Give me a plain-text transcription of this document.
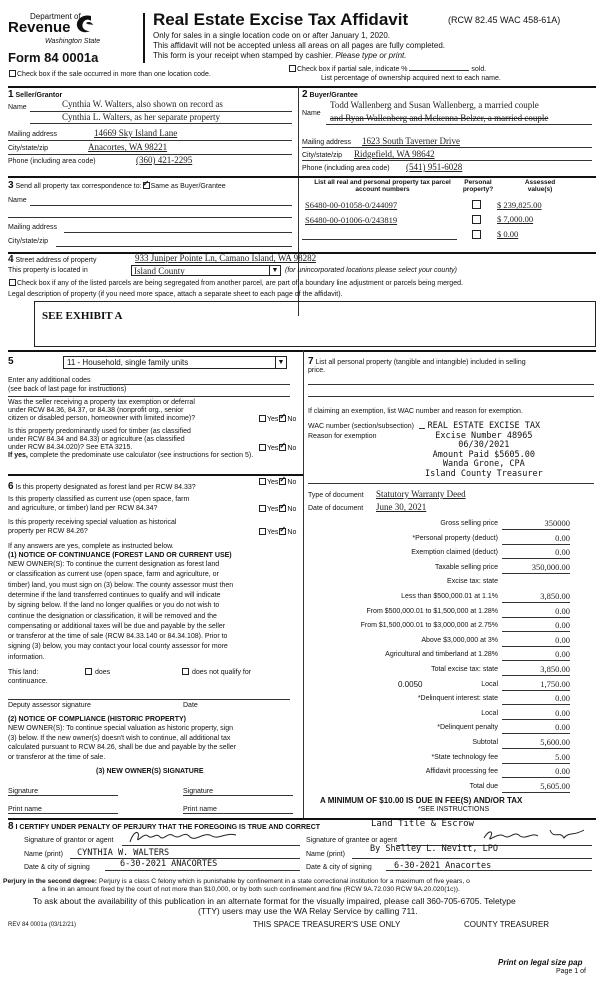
Department of
Revenue
Washington State
Form 84 0001a
Real Estate Excise Tax Affidavit	(RCW 82.45 WAC 458-61A)
Only for sales in a single location code on or after January 1, 2020.
This affidavit will not be accepted unless all areas on all pages are fully completed.
This form is your receipt when stamped by cashier. Please type or print.
Check box if the sale occurred in more than one location code.
Check box if partial sale, indicate %	sold.
List percentage of ownership acquired next to each name.
1 Seller/Grantor
Name	Cynthia W. Walters, also shown on record as
Cynthia L. Walters, as her separate property
Mailing address	14669 Sky Island Lane
City/state/zip	Anacortes, WA 98221
Phone (including area code)	(360) 421-2295
2 Buyer/Grantee
Name
Todd Wallenberg and Susan Wallenberg, a married couple
and Ryan Wallenberg and Mckenna Belzer, a married couple
Mailing address 1623 South Taverner Drive
City/state/zip Ridgefield, WA 98642
Phone (including area code) (541) 951-6028
3 Send all property tax correspondence to: ✓ Same as Buyer/Grantee
Name
Mailing address
City/state/zip
List all real and personal property tax parcel account numbers
Personal property?
Assessed value(s)
S6480-00-01058-0/244097	$ 239,825.00
S6480-00-01006-0/243819	$ 7,000.00
$ 0.00
4 Street address of property	933 Juniper Pointe Ln, Camano Island, WA 98282
This property is located in	Island County	▼ (for unincorporated locations please select your county)
Check box if any of the listed parcels are being segregated from another parcel, are part of a boundary line adjustment or parcels being merged.
Legal description of property (if you need more space, attach a separate sheet to each page of the affidavit).
SEE EXHIBIT A
5	11 - Household, single family units	▼
Enter any additional codes
(see back of last page for instructions)
Was the seller receiving a property tax exemption or deferral
under RCW 84.36, 84.37, or 84.38 (nonprofit org., senior
citizen or disabled person, homeowner with limited income)?	Yes ✓ No
Is this property predominantly used for timber (as classified
under RCW 84.34 and 84.33) or agriculture (as classified
under RCW 84.34.020)? See ETA 3215.	Yes ✓ No
If yes, complete the predominate use calculator (see instructions for section 5).
6 Is this property designated as forest land per RCW 84.33?
Yes ✓ No
Is this property classified as current use (open space, farm
and agriculture, or timber) land per RCW 84.34?	Yes ✓ No
Is this property receiving special valuation as historical
property per RCW 84.26?	Yes ✓ No
If any answers are yes, complete as instructed below.
(1) NOTICE OF CONTINUANCE (FOREST LAND OR CURRENT USE)
NEW OWNER(S): To continue the current designation as forest land
or classification as current use (open space, farm and agriculture, or
timber) land, you must sign on (3) below. The county assessor must then
determine if the land transferred continues to qualify and will indicate
by signing below. If the land no longer qualifies or you do not wish to
continue the designation or classification, it will be removed and the
compensating or additional taxes will be due and payable by the seller
or transferor at the time of sale (RCW 84.33.140 or 84.34.108). Prior to
signing (3) below, you may contact your local county assessor for more
information.
This land:	does	does not qualify for
continuance.
Deputy assessor signature	Date
(2) NOTICE OF COMPLIANCE (HISTORIC PROPERTY)
NEW OWNER(S): To continue special valuation as historic property, sign
(3) below. If the new owner(s) doesn't wish to continue, all additional tax
calculated pursuant to RCW 84.26, shall be due and payable by the seller
or transferor at the time of sale.
(3) NEW OWNER(S) SIGNATURE
Signature	Signature
Print name	Print name
7 List all personal property (tangible and intangible) included in selling
price.
If claiming an exemption, list WAC number and reason for exemption.
WAC number (section/subsection)
Reason for exemption
REAL ESTATE EXCISE TAX
Excise Number 48965
06/30/2021
Amount Paid $5605.00
Wanda Grone, CPA
Island County Treasurer
Type of document Statutory Warranty Deed
Date of document June 30, 2021
Gross selling price	350000
*Personal property (deduct)	0.00
Exemption claimed (deduct)	0.00
Taxable selling price	350,000.00
Excise tax: state
Less than $500,000.01 at 1.1%	3,850.00
From $500,000.01 to $1,500,000 at 1.28%	0.00
From $1,500,000.01 to $3,000,000 at 2.75%	0.00
Above $3,000,000 at 3%	0.00
Agricultural and timberland at 1.28%	0.00
Total excise tax: state	3,850.00
Local
0.0050	1,750.00
*Delinquent interest: state	0.00
Local	0.00
*Delinquent penalty	0.00
Subtotal	5,600.00
*State technology fee	5.00
Affidavit processing fee	0.00
Total due	5,605.00
A MINIMUM OF $10.00 IS DUE IN FEE(S) AND/OR TAX
*SEE INSTRUCTIONS
8 I CERTIFY UNDER PENALTY OF PERJURY THAT THE FOREGOING IS TRUE AND CORRECT	Land Title & Escrow
Signature of grantor or agent	Signature of grantee or agent
Name (print) CYNTHIA W. WALTERS	Name (print)
By Shelley L. Nevitt, LPO
Date & city of signing	6-30-2021 ANACORTES	Date & city of signing	6-30-2021 Anacortes
Perjury in the second degree: Perjury is a class C felony which is punishable by confinement in a state correctional institution for a maximum of five years, o
a fine in an amount fixed by the court of not more than $10,000, or by both such confinement and fine (RCW 9A.72.030 RCW 9A.20.020(1c)).
To ask about the availability of this publication in an alternate format for the visually impaired, please call 360-705-6705. Teletype
(TTY) users may use the WA Relay Service by calling 711.
REV 84 0001a (03/12/21)	THIS SPACE TREASURER'S USE ONLY	COUNTY TREASURER
Print on legal size pap
Page 1 of
